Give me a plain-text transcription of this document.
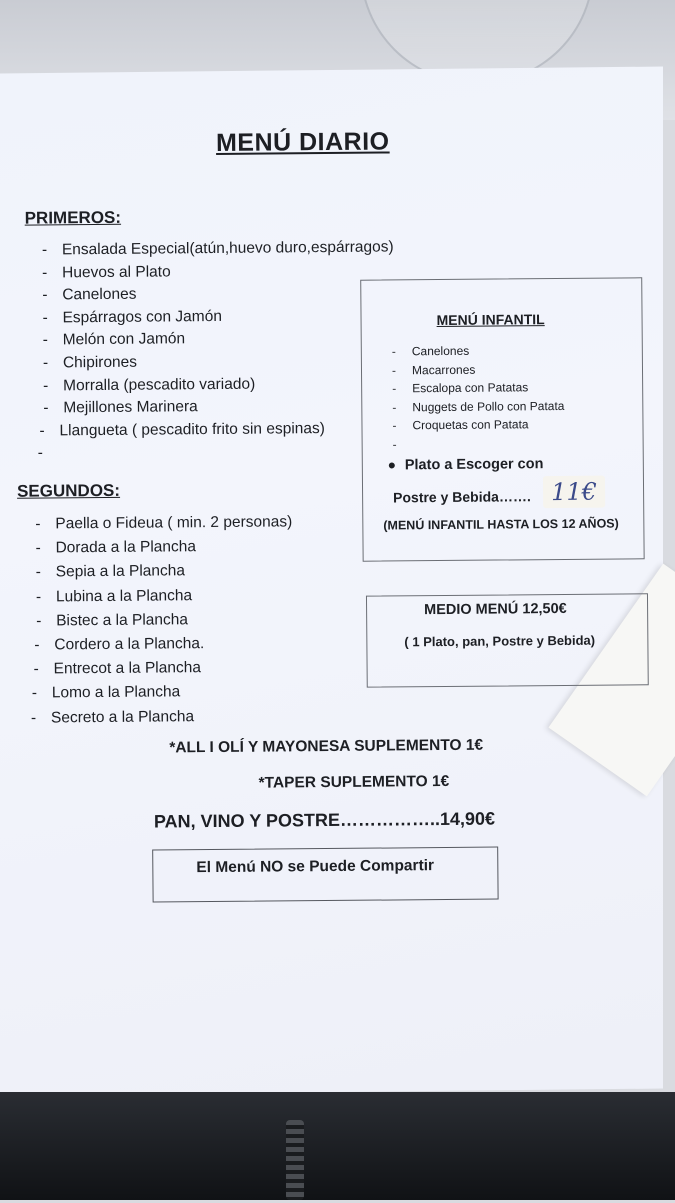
MENÚ DIARIO
PRIMEROS:
- Ensalada Especial(atún,huevo duro,espárragos)
- Huevos al Plato
- Canelones
- Espárragos con Jamón
- Melón con Jamón
- Chipirones
- Morralla (pescadito variado)
- Mejillones Marinera
- Llangueta ( pescadito frito sin espinas)
-
SEGUNDOS:
- Paella o Fideua ( min. 2 personas)
- Dorada a la Plancha
- Sepia a la Plancha
- Lubina a la Plancha
- Bistec a la Plancha
- Cordero a la Plancha.
- Entrecot a la Plancha
- Lomo a la Plancha
- Secreto a la Plancha
MENÚ INFANTIL
- Canelones
- Macarrones
- Escalopa con Patatas
- Nuggets de Pollo con Patata
- Croquetas con Patata
-
Plato a Escoger con
Postre y Bebida……. 11€
(MENÚ INFANTIL HASTA LOS 12 AÑOS)
MEDIO MENÚ 12,50€
( 1 Plato, pan, Postre y Bebida)
*ALL I OLÍ Y MAYONESA SUPLEMENTO 1€
*TAPER SUPLEMENTO 1€
PAN, VINO Y POSTRE……………..14,90€
El Menú NO se Puede Compartir
